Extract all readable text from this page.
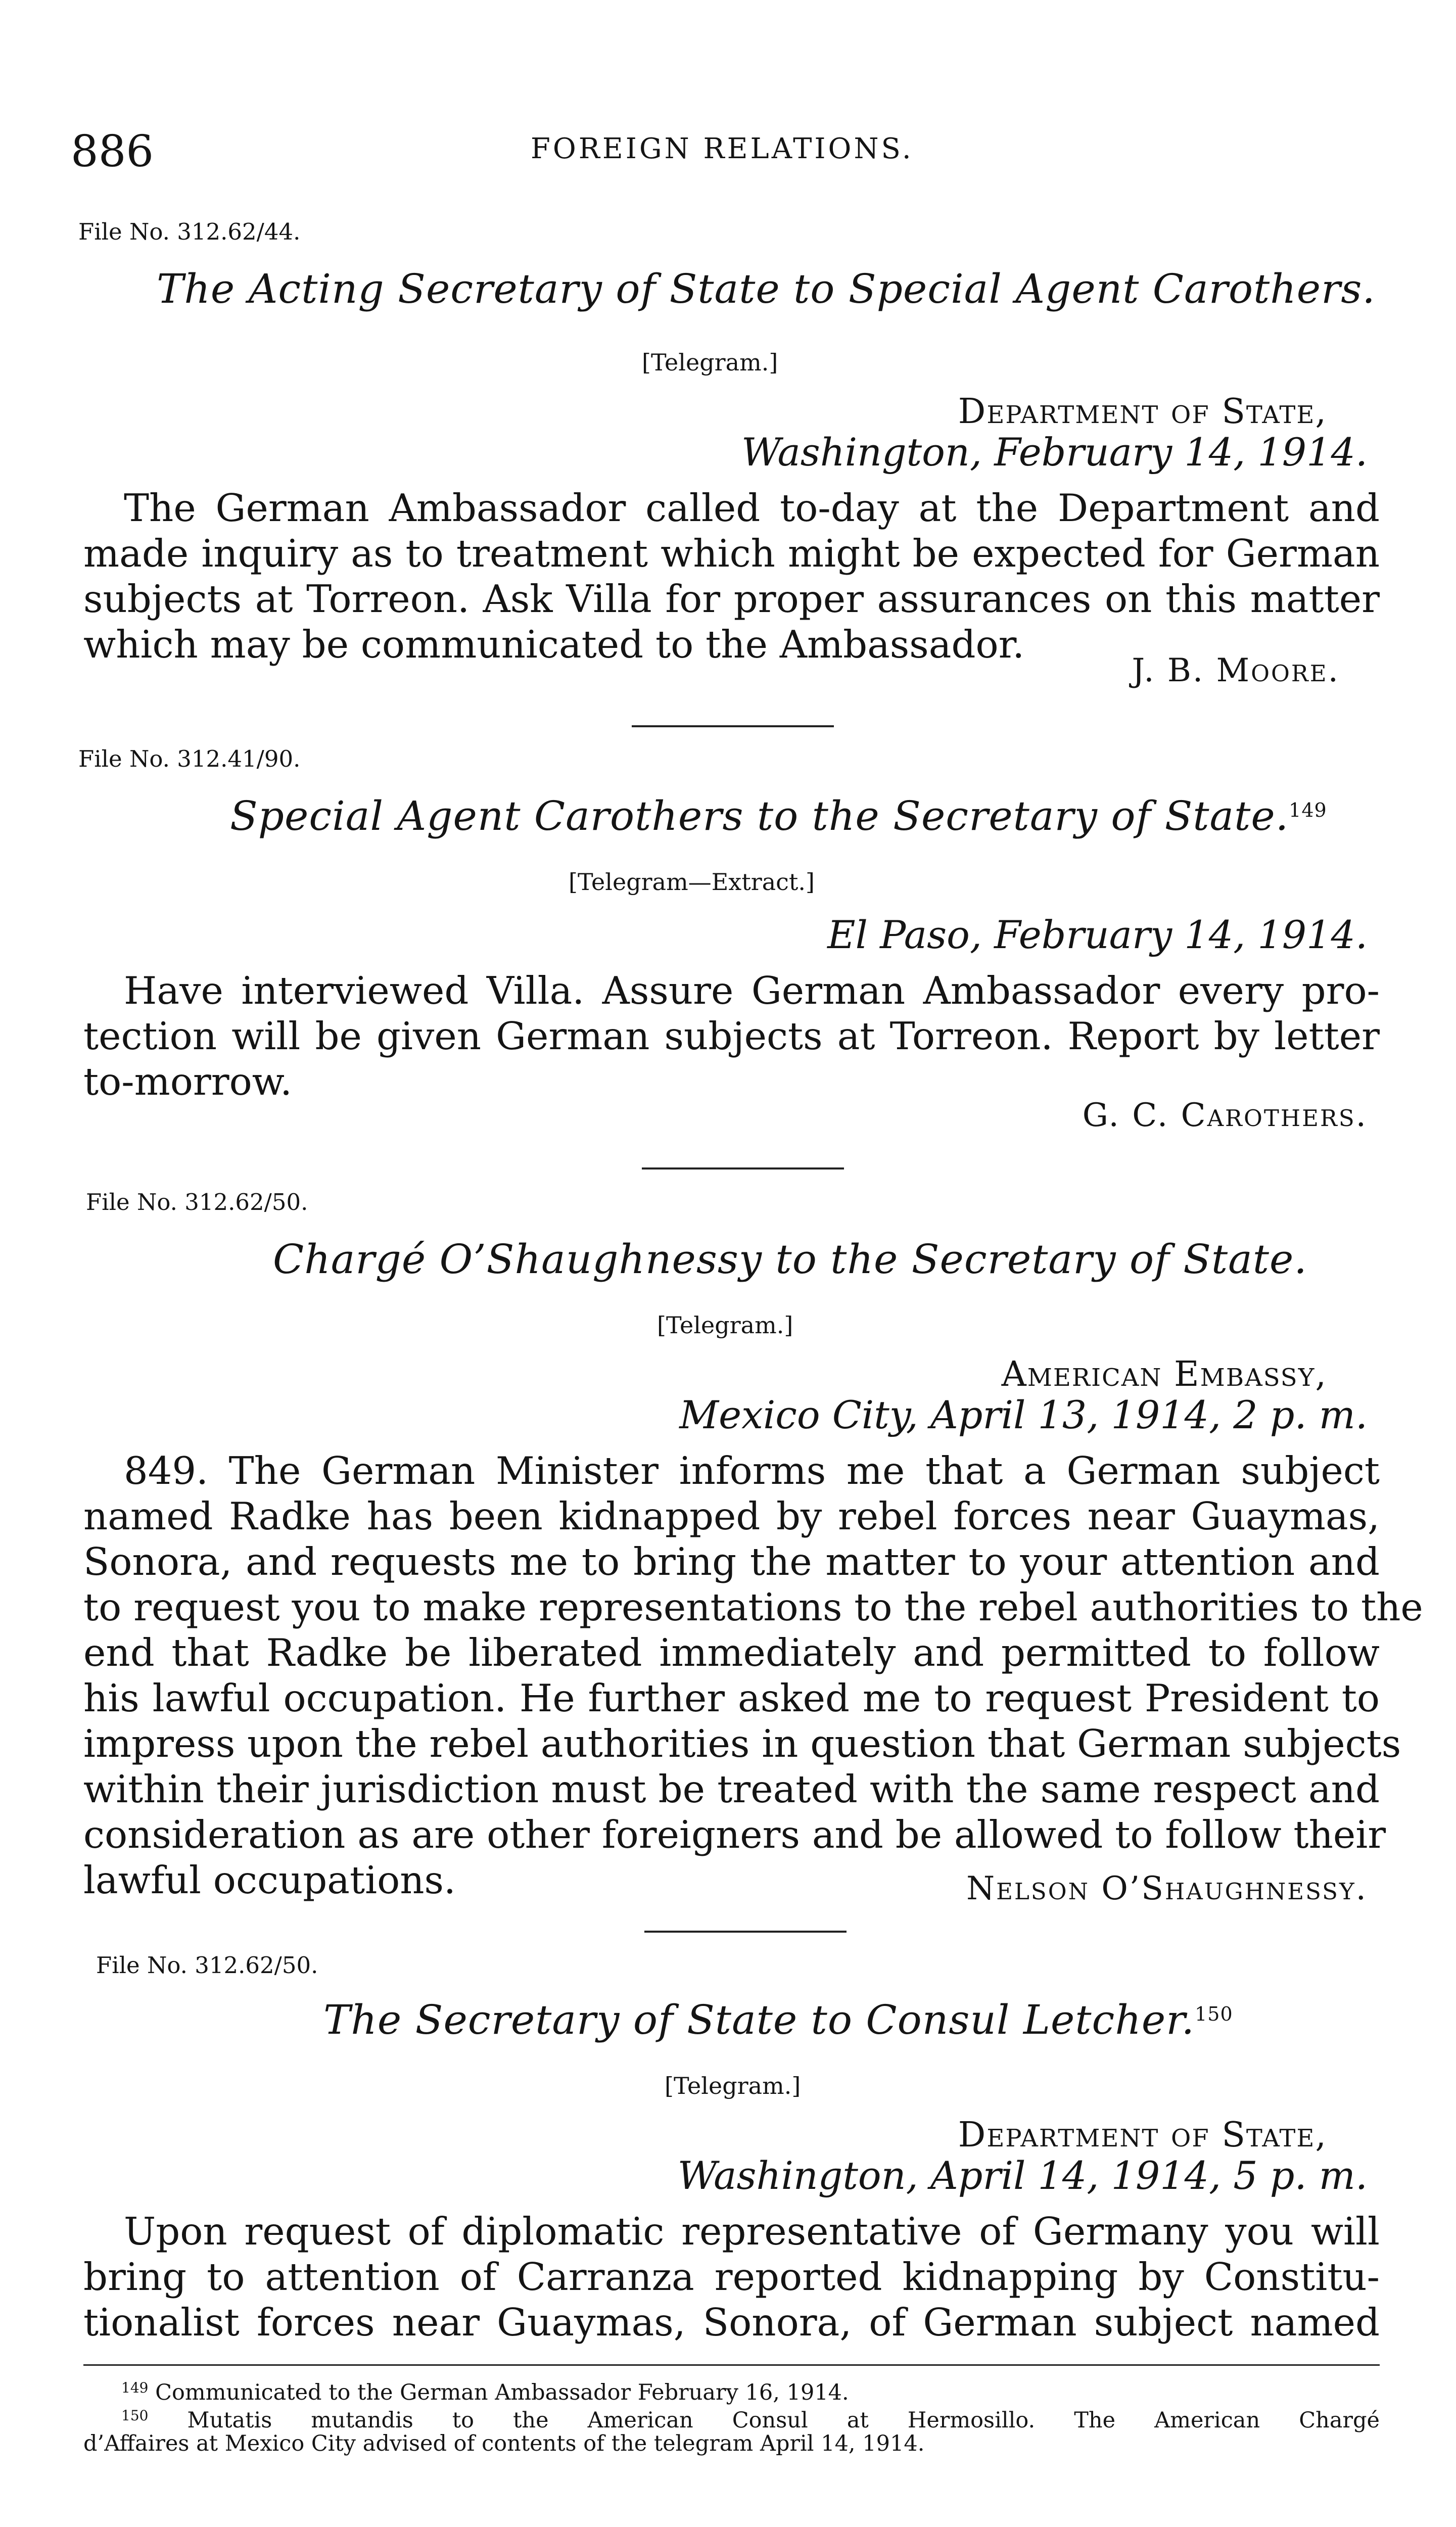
886	FOREIGN RELATIONS.
File No. 312.62/44.
The Acting Secretary of State to Special Agent Carothers.
[Telegram.]
Department of State,
Washington, February 14, 1914.
The German Ambassador called to-day at the Department and
made inquiry as to treatment which might be expected for German
subjects at Torreon. Ask Villa for proper assurances on this matter
which may be communicated to the Ambassador.
J. B. Moore.
File No. 312.41/90.
Special Agent Carothers to the Secretary of State.$^{149}$
[Telegram—Extract.]
El Paso, February 14, 1914.
Have interviewed Villa. Assure German Ambassador every pro-
tection will be given German subjects at Torreon. Report by letter
to-morrow.
G. C. Carothers.
File No. 312.62/50.
Chargé O’Shaughnessy to the Secretary of State.
[Telegram.]
American Embassy,
Mexico City, April 13, 1914, 2 p. m.
849. The German Minister informs me that a German subject
named Radke has been kidnapped by rebel forces near Guaymas,
Sonora, and requests me to bring the matter to your attention and
to request you to make representations to the rebel authorities to the
end that Radke be liberated immediately and permitted to follow
his lawful occupation. He further asked me to request President to
impress upon the rebel authorities in question that German subjects
within their jurisdiction must be treated with the same respect and
consideration as are other foreigners and be allowed to follow their
lawful occupations.	Nelson O’Shaughnessy.
File No. 312.62/50.
The Secretary of State to Consul Letcher.$^{150}$
[Telegram.]
Department of State,
Washington, April 14, 1914, 5 p. m.
Upon request of diplomatic representative of Germany you will
bring to attention of Carranza reported kidnapping by Constitu-
tionalist forces near Guaymas, Sonora, of German subject named
$^{149}$ Communicated to the German Ambassador February 16, 1914.
$^{150}$ Mutatis mutandis to the American Consul at Hermosillo. The American Chargé
d’Affaires at Mexico City advised of contents of the telegram April 14, 1914.
